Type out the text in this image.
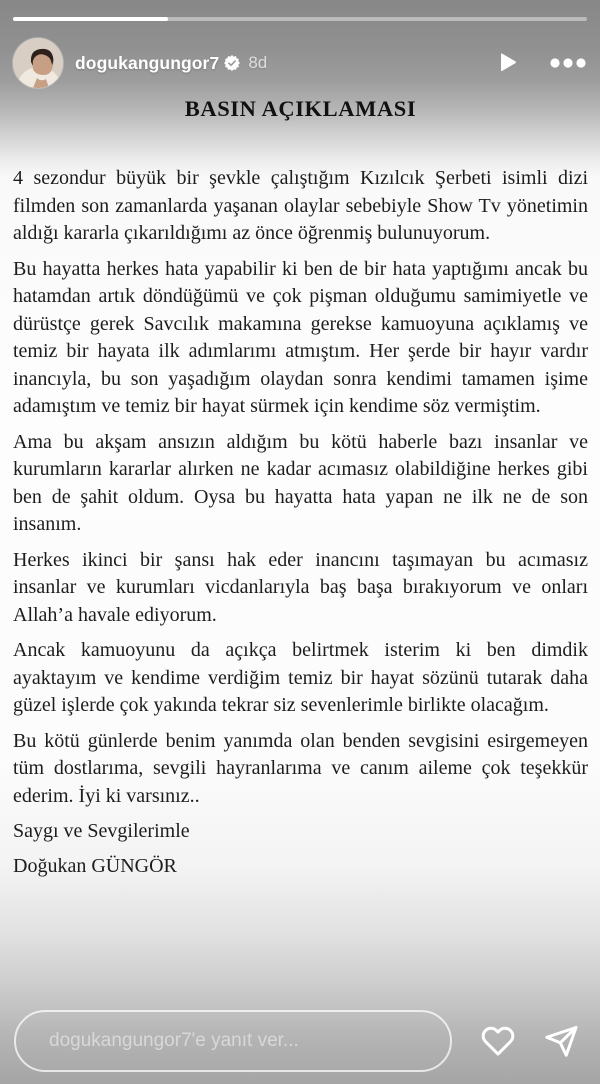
dogukangungor7 8d
BASIN AÇIKLAMASI

4 sezondur büyük bir şevkle çalıştığım Kızılcık Şerbeti isimli dizi filmden son zamanlarda yaşanan olaylar sebebiyle Show Tv yönetimin aldığı kararla çıkarıldığımı az önce öğrenmiş bulunuyorum.

Bu hayatta herkes hata yapabilir ki ben de bir hata yaptığımı ancak bu hatamdan artık döndüğümü ve çok pişman olduğumu samimiyetle ve dürüstçe gerek Savcılık makamına gerekse kamuoyuna açıklamış ve temiz bir hayata ilk adımlarımı atmıştım. Her şerde bir hayır vardır inancıyla, bu son yaşadığım olaydan sonra kendimi tamamen işime adamıştım ve temiz bir hayat sürmek için kendime söz vermiştim.

Ama bu akşam ansızın aldığım bu kötü haberle bazı insanlar ve kurumların kararlar alırken ne kadar acımasız olabildiğine herkes gibi ben de şahit oldum. Oysa bu hayatta hata yapan ne ilk ne de son insanım.

Herkes ikinci bir şansı hak eder inancını taşımayan bu acımasız insanlar ve kurumları vicdanlarıyla baş başa bırakıyorum ve onları Allah’a havale ediyorum.

Ancak kamuoyunu da açıkça belirtmek isterim ki ben dimdik ayaktayım ve kendime verdiğim temiz bir hayat sözünü tutarak daha güzel işlerde çok yakında tekrar siz sevenlerimle birlikte olacağım.

Bu kötü günlerde benim yanımda olan benden sevgisini esirgemeyen tüm dostlarıma, sevgili hayranlarıma ve canım aileme çok teşekkür ederim. İyi ki varsınız..

Saygı ve Sevgilerimle

Doğukan GÜNGÖR

dogukangungor7'e yanıt ver...
